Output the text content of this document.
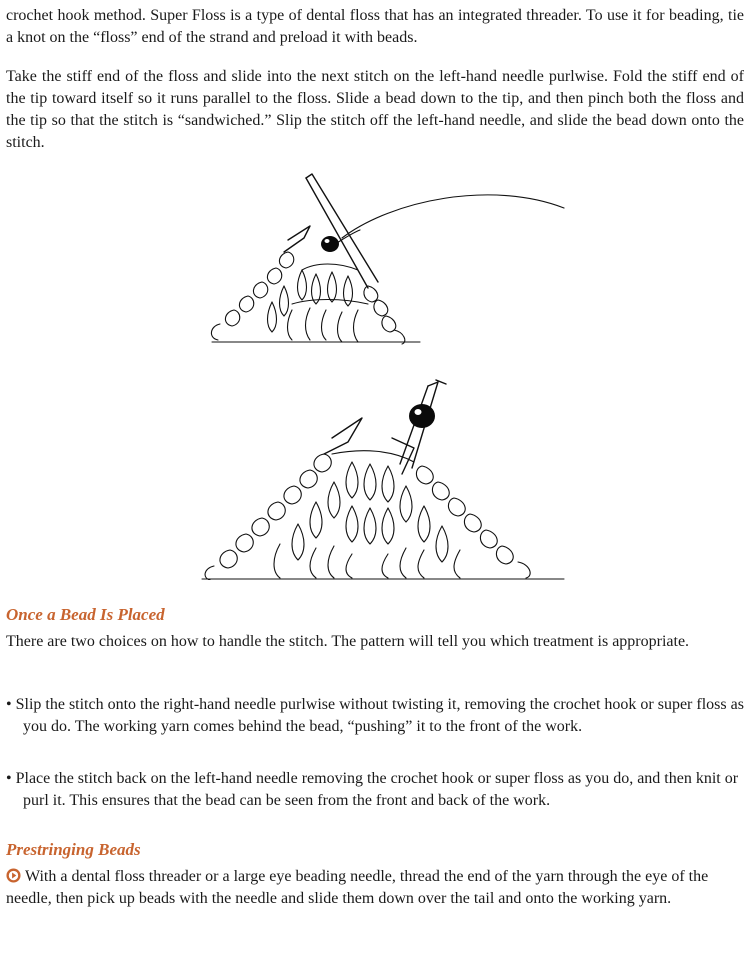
crochet hook method. Super Floss is a type of dental floss that has an integrated threader. To use it for beading, tie a knot on the “floss” end of the strand and preload it with beads.

Take the stiff end of the floss and slide into the next stitch on the left-hand needle purlwise. Fold the stiff end of the tip toward itself so it runs parallel to the floss. Slide a bead down to the tip, and then pinch both the floss and the tip so that the stitch is “sandwiched.” Slip the stitch off the left-hand needle, and slide the bead down onto the stitch.

Once a Bead Is Placed

There are two choices on how to handle the stitch. The pattern will tell you which treatment is appropriate.

• Slip the stitch onto the right-hand needle purlwise without twisting it, removing the crochet hook or super floss as you do. The working yarn comes behind the bead, “pushing” it to the front of the work.

• Place the stitch back on the left-hand needle removing the crochet hook or super floss as you do, and then knit or purl it. This ensures that the bead can be seen from the front and back of the work.

Prestringing Beads

With a dental floss threader or a large eye beading needle, thread the end of the yarn through the eye of the needle, then pick up beads with the needle and slide them down over the tail and onto the working yarn.
